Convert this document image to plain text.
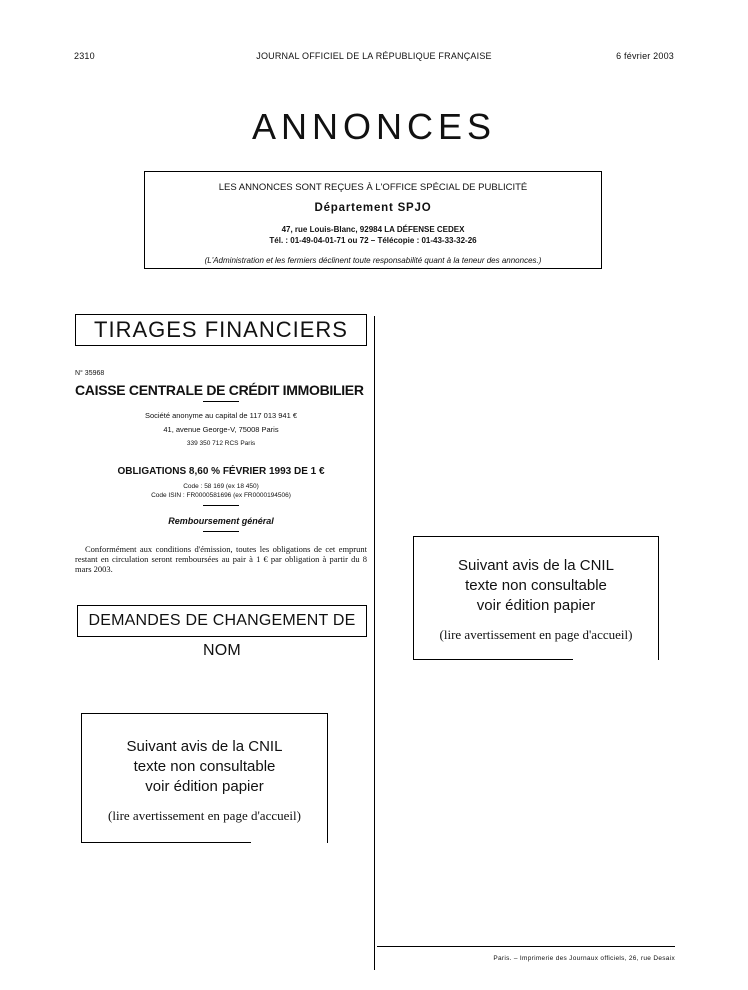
2310	JOURNAL OFFICIEL DE LA RÉPUBLIQUE FRANÇAISE	6 février 2003
ANNONCES
LES ANNONCES SONT REÇUES À L'OFFICE SPÉCIAL DE PUBLICITÉ
Département SPJO
47, rue Louis-Blanc, 92984 LA DÉFENSE CEDEX
Tél. : 01-49-04-01-71 ou 72 – Télécopie : 01-43-33-32-26
(L'Administration et les fermiers déclinent toute responsabilité quant à la teneur des annonces.)
TIRAGES FINANCIERS
N° 35968
CAISSE CENTRALE DE CRÉDIT IMMOBILIER
Société anonyme au capital de 117 013 941 €
41, avenue George-V, 75008 Paris
339 350 712 RCS Paris
OBLIGATIONS 8,60 % FÉVRIER 1993 DE 1 €
Code : 58 169 (ex 18 450)
Code ISIN : FR0000581696 (ex FR0000194506)
Remboursement général
Conformément aux conditions d'émission, toutes les obligations de cet emprunt restant en circulation seront remboursées au pair à 1 € par obligation à partir du 8 mars 2003.
DEMANDES DE CHANGEMENT DE NOM
Suivant avis de la CNIL
texte non consultable
voir édition papier
(lire avertissement en page d'accueil)
Suivant avis de la CNIL
texte non consultable
voir édition papier
(lire avertissement en page d'accueil)
Paris. – Imprimerie des Journaux officiels, 26, rue Desaix
